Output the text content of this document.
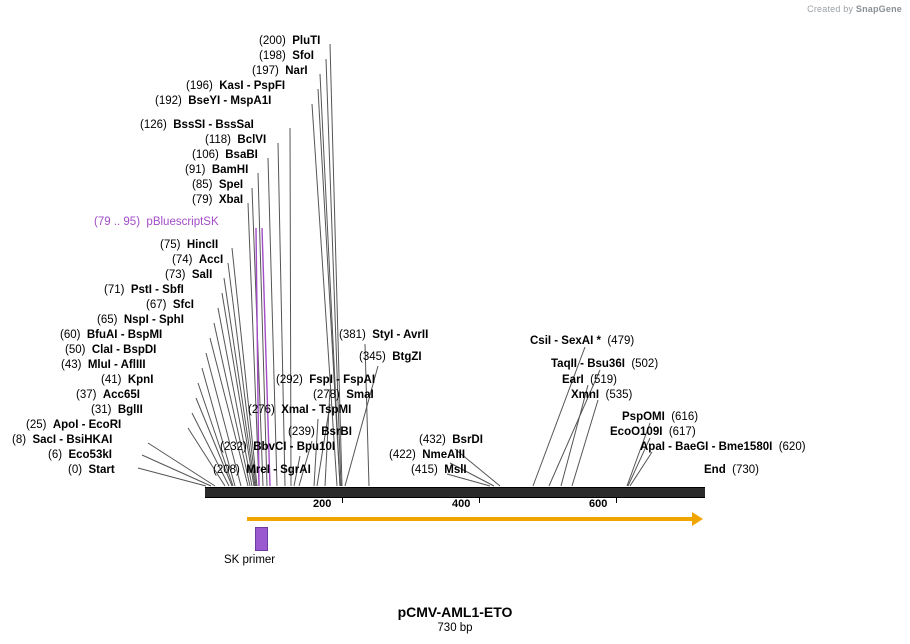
Created by SnapGene
(200) PluTI
(198) SfoI
(197) NarI
(196) KasI - PspFI
(192) BseYI - MspA1I
(126) BssSI - BssSaI
(118) BclVI
(106) BsaBI
(91) BamHI
(85) SpeI
(79) XbaI
(79 .. 95) pBluescriptSK
(75) HincII
(74) AccI
(73) SalI
(71) PstI - SbfI
(67) SfcI
(65) NspI - SphI
(60) BfuAI - BspMI
(50) ClaI - BspDI
(43) MluI - AflIII
(41) KpnI
(37) Acc65I
(31) BglII
(25) ApoI - EcoRI
(8) SacI - BsiHKAI
(6) Eco53kI
(0) Start
(381) StyI - AvrII
(345) BtgZI
(292) FspI - FspAI
(278) SmaI
(276) XmaI - TspMI
(239) BsrBI
(232) BbvCI - Bpu10I
(208) MreI - SgrAI
(432) BsrDI
(422) NmeAIII
(415) MslI
CsiI - SexAI * (479)
TaqII - Bsu36I (502)
EarI (519)
XmnI (535)
PspOMI (616)
EcoO109I (617)
ApaI - BaeGI - Bme1580I (620)
End (730)
200	400	600
SK primer
pCMV-AML1-ETO
730 bp
